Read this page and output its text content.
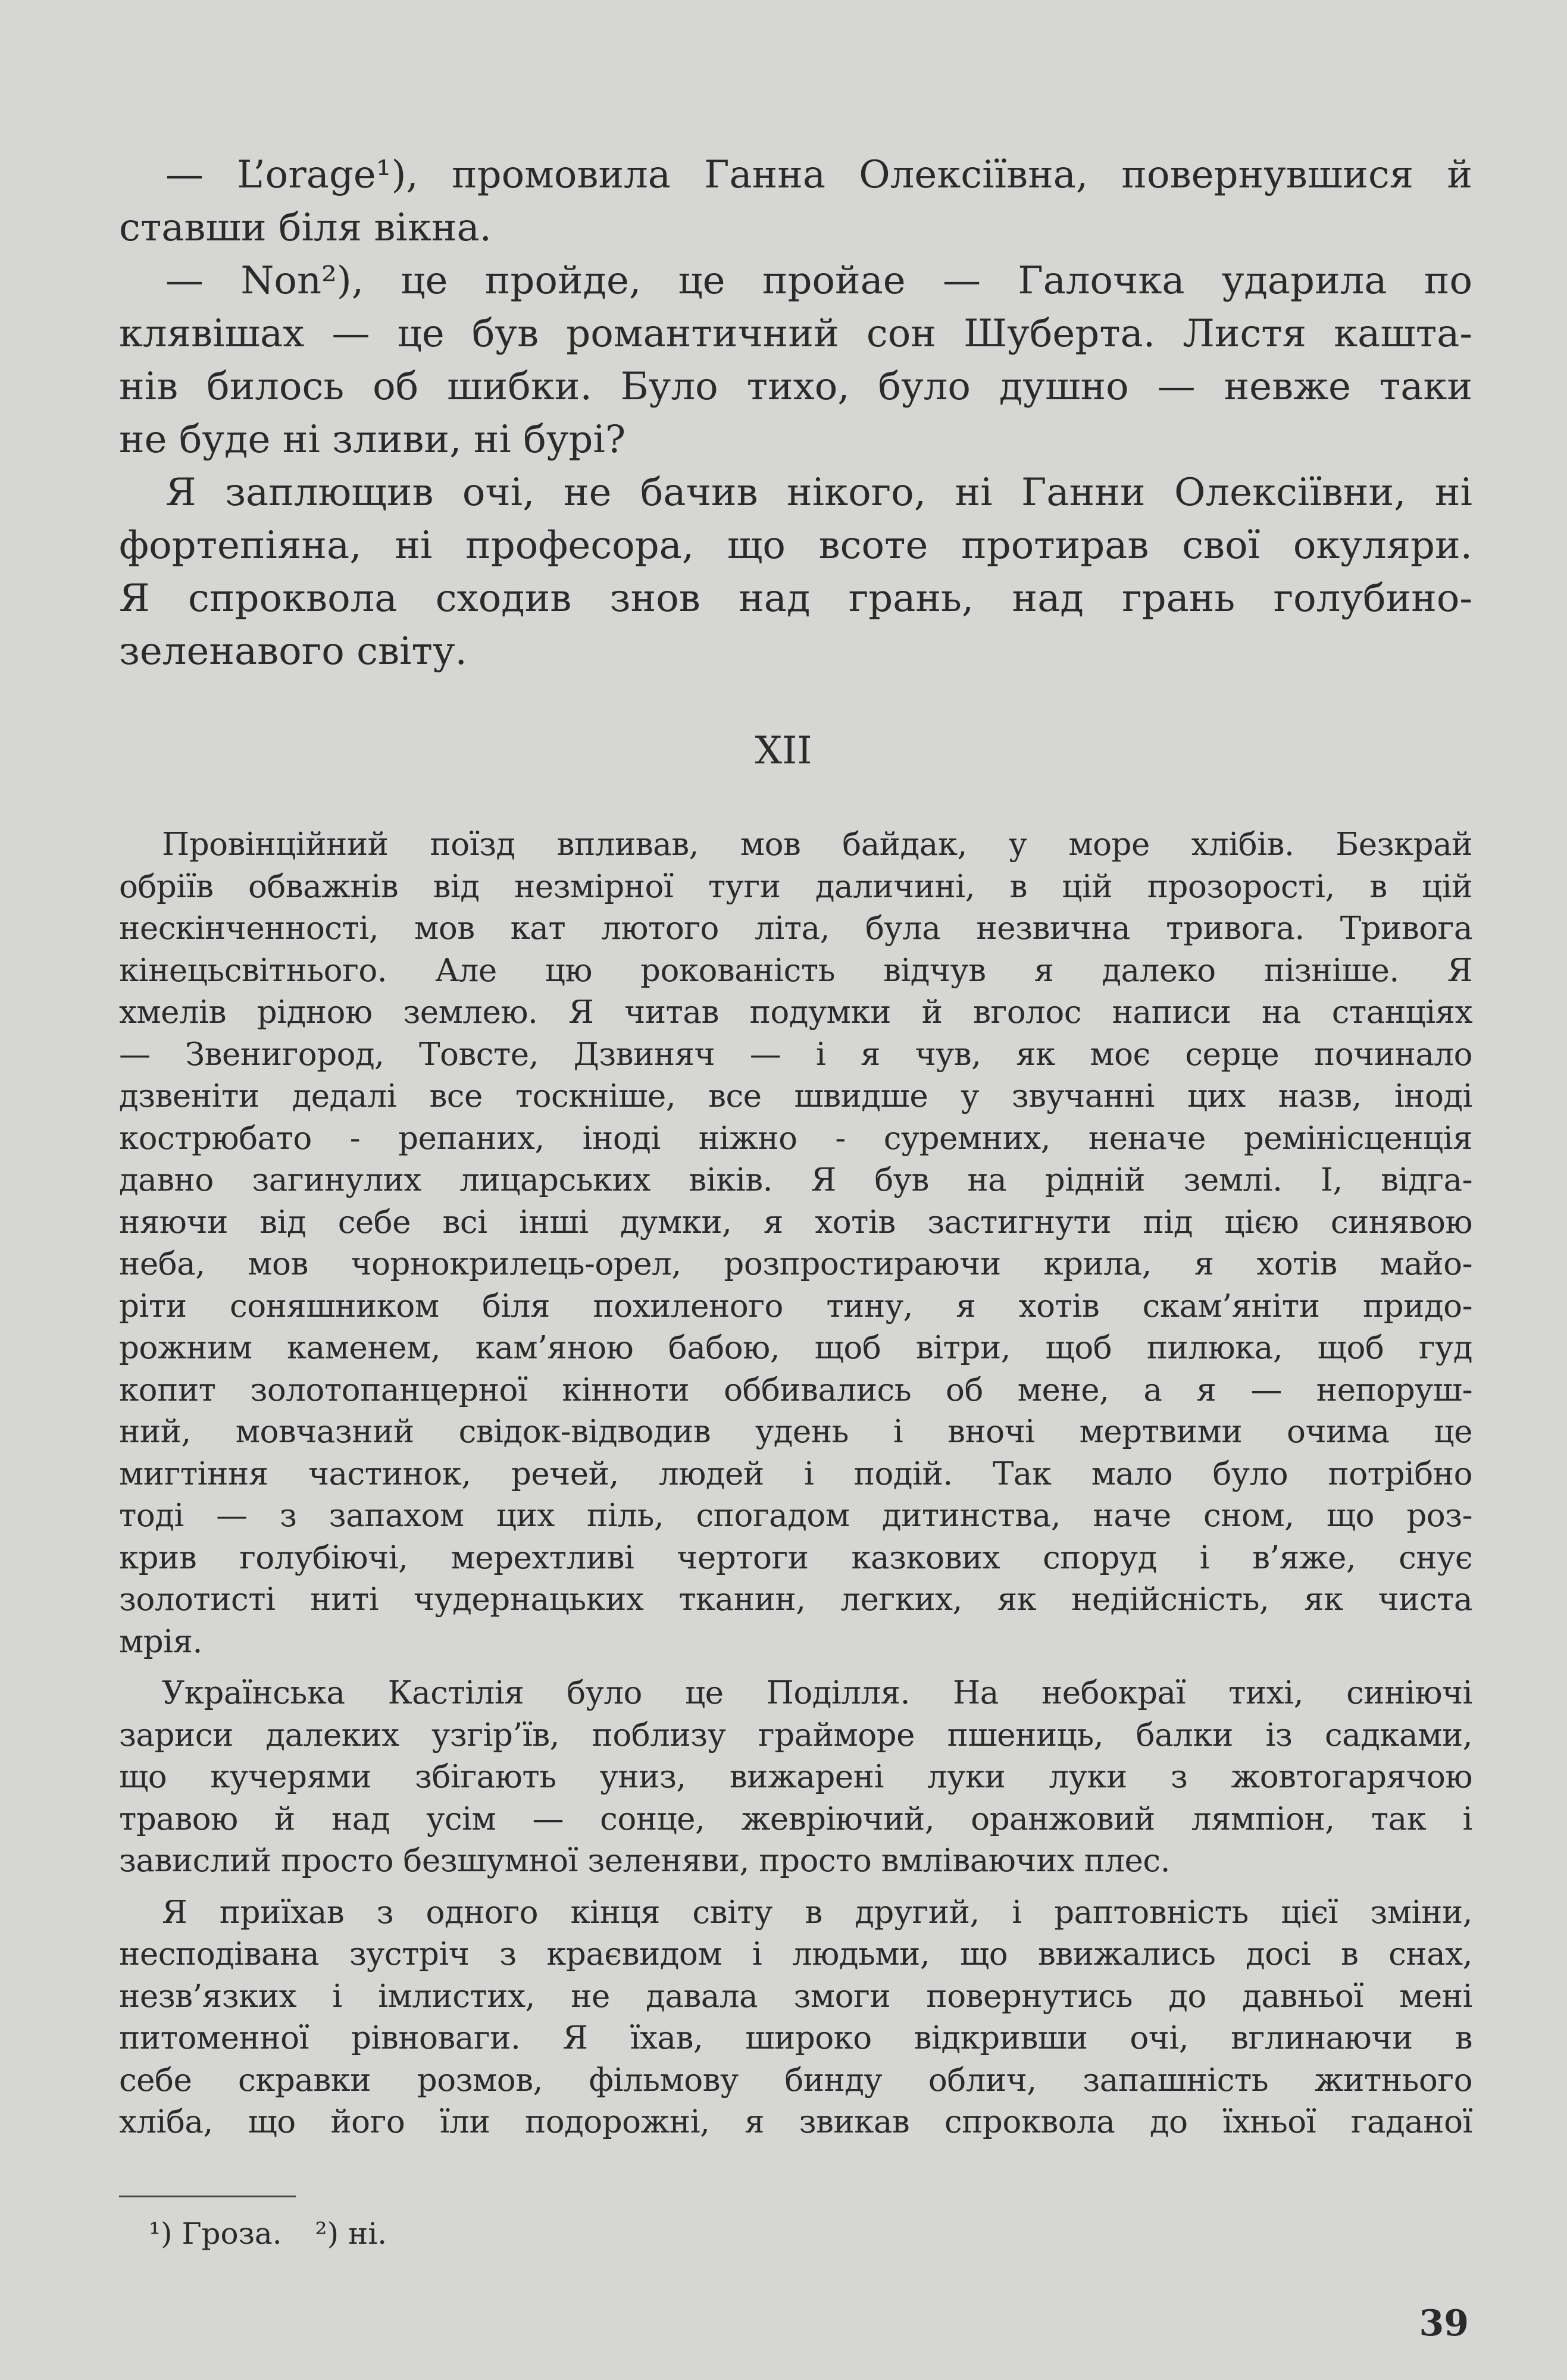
— L’orage¹), промовила Ганна Олексіївна, повернувшися й
ставши біля вікна.
— Non²), це пройде, це пройае — Галочка ударила по
клявішах — це був романтичний сон Шуберта. Листя кашта-
нів билось об шибки. Було тихо, було душно — невже таки
не буде ні зливи, ні бурі?
Я заплющив очі, не бачив нікого, ні Ганни Олексіївни, ні
фортепіяна, ні професора, що всоте протирав свої окуляри.
Я спроквола сходив знов над грань, над грань голубино-
зеленавого світу.
XII
Провінційний поїзд впливав, мов байдак, у море хлібів. Безкрай
обріїв обважнів від незмірної туги даличині, в цій прозорості, в цій
нескінченності, мов кат лютого літа, була незвична тривога. Тривога
кінецьсвітнього. Але цю рокованість відчув я далеко пізніше. Я
хмелів рідною землею. Я читав подумки й вголос написи на станціях
— Звенигород, Товсте, Дзвиняч — і я чув, як моє серце починало
дзвеніти дедалі все тоскніше, все швидше у звучанні цих назв, іноді
кострюбато - репаних, іноді ніжно - суремних, неначе ремінісценція
давно загинулих лицарських віків. Я був на рідній землі. І, відга-
няючи від себе всі інші думки, я хотів застигнути під цією синявою
неба, мов чорнокрилець-орел, розпростираючи крила, я хотів майо-
ріти соняшником біля похиленого тину, я хотів скам’яніти придо-
рожним каменем, кам’яною бабою, щоб вітри, щоб пилюка, щоб гуд
копит золотопанцерної кінноти оббивались об мене, а я — непоруш-
ний, мовчазний свідок-відводив удень і вночі мертвими очима це
мигтіння частинок, речей, людей і подій. Так мало було потрібно
тоді — з запахом цих піль, спогадом дитинства, наче сном, що роз-
крив голубіючі, мерехтливі чертоги казкових споруд і в’яже, снує
золотисті ниті чудернацьких тканин, легких, як недійсність, як чиста
мрія.
Українська Кастілія було це Поділля. На небокраї тихі, синіючі
зариси далеких узгір’їв, поблизу граймоpе пшениць, балки із садками,
що кучерями збігають униз, вижарені луки луки з жовтогарячою
травою й над усім — сонце, жевріючий, оранжовий лямпіон, так і
завислий просто безшумної зеленяви, просто вмліваючих плес.
Я приїхав з одного кінця світу в другий, і раптовність цієї зміни,
несподівана зустріч з краєвидом і людьми, що ввижались досі в снах,
незв’язких і імлистих, не давала змоги повернутись до давньої мені
питоменної рівноваги. Я їхав, широко відкривши очі, вглинаючи в
себе скравки розмов, фільмову бинду облич, запашність житнього
хліба, що його їли подорожні, я звикав спроквола до їхньої гаданої
¹) Гроза. ²) ні.
39
